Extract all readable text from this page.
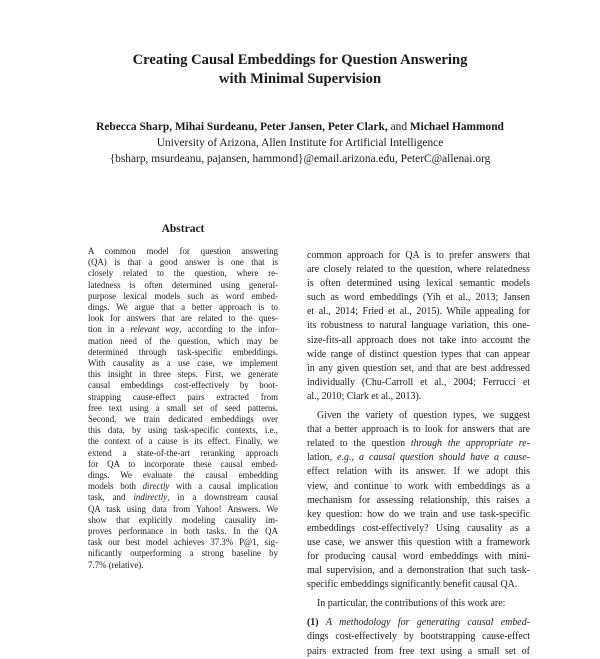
Creating Causal Embeddings for Question Answering
with Minimal Supervision
Rebecca Sharp, Mihai Surdeanu, Peter Jansen, Peter Clark, and Michael Hammond
University of Arizona, Allen Institute for Artificial Intelligence
{bsharp, msurdeanu, pajansen, hammond}@email.arizona.edu, PeterC@allenai.org
Abstract
A common model for question answering
(QA) is that a good answer is one that is
closely related to the question, where re-
latedness is often determined using general-
purpose lexical models such as word embed-
dings. We argue that a better approach is to
look for answers that are related to the ques-
tion in a relevant way, according to the infor-
mation need of the question, which may be
determined through task-specific embeddings.
With causality as a use case, we implement
this insight in three steps. First, we generate
causal embeddings cost-effectively by boot-
strapping cause-effect pairs extracted from
free text using a small set of seed patterns.
Second, we train dedicated embeddings over
this data, by using task-specific contexts, i.e.,
the context of a cause is its effect. Finally, we
extend a state-of-the-art reranking approach
for QA to incorporate these causal embed-
dings. We evaluate the causal embedding
models both directly with a causal implication
task, and indirectly, in a downstream causal
QA task using data from Yahoo! Answers. We
show that explicitly modeling causality im-
proves performance in both tasks. In the QA
task our best model achieves 37.3% P@1, sig-
nificantly outperforming a strong baseline by
7.7% (relative).
common approach for QA is to prefer answers that
are closely related to the question, where relatedness
is often determined using lexical semantic models
such as word embeddings (Yih et al., 2013; Jansen
et al., 2014; Fried et al., 2015). While appealing for
its robustness to natural language variation, this one-
size-fits-all approach does not take into account the
wide range of distinct question types that can appear
in any given question set, and that are best addressed
individually (Chu-Carroll et al., 2004; Ferrucci et
al., 2010; Clark et al., 2013).
Given the variety of question types, we suggest
that a better approach is to look for answers that are
related to the question through the appropriate re-
lation, e.g., a causal question should have a cause-
effect relation with its answer. If we adopt this
view, and continue to work with embeddings as a
mechanism for assessing relationship, this raises a
key question: how do we train and use task-specific
embeddings cost-effectively? Using causality as a
use case, we answer this question with a framework
for producing causal word embeddings with mini-
mal supervision, and a demonstration that such task-
specific embeddings significantly benefit causal QA.
In particular, the contributions of this work are:
(1) A methodology for generating causal embed-
dings cost-effectively by bootstrapping cause-effect
pairs extracted from free text using a small set of
